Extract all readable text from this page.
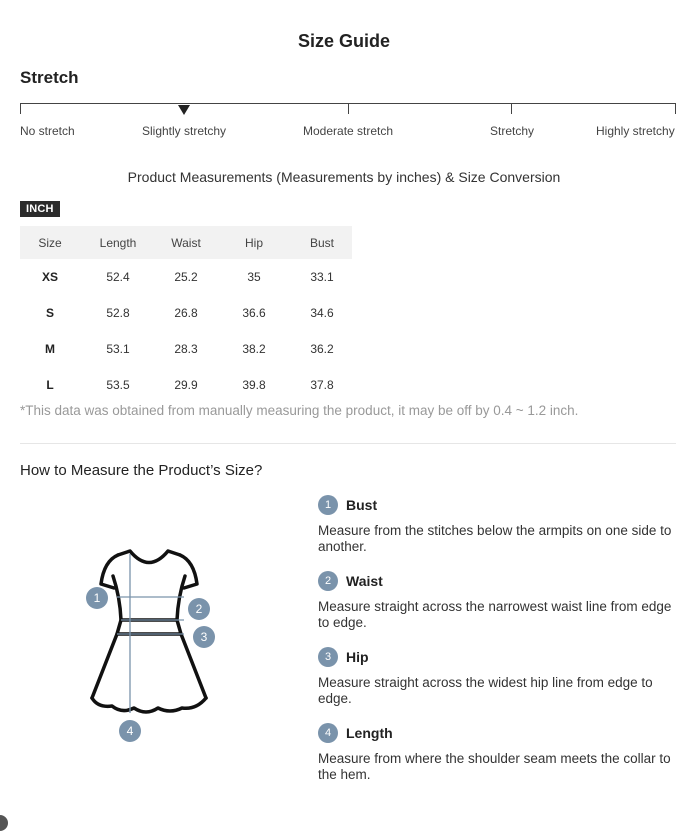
Size Guide
Stretch
No stretch	Slightly stretchy	Moderate stretch	Stretchy	Highly stretchy
Product Measurements (Measurements by inches) & Size Conversion
INCH
Size	Length	Waist	Hip	Bust
XS	52.4	25.2	35	33.1
S	52.8	26.8	36.6	34.6
M	53.1	28.3	38.2	36.2
L	53.5	29.9	39.8	37.8
*This data was obtained from manually measuring the product, it may be off by 0.4 ~ 1.2 inch.
How to Measure the Product’s Size?
1
2
3
4
1	Bust
Measure from the stitches below the armpits on one side to another.
2	Waist
Measure straight across the narrowest waist line from edge to edge.
3	Hip
Measure straight across the widest hip line from edge to edge.
4	Length
Measure from where the shoulder seam meets the collar to the hem.
